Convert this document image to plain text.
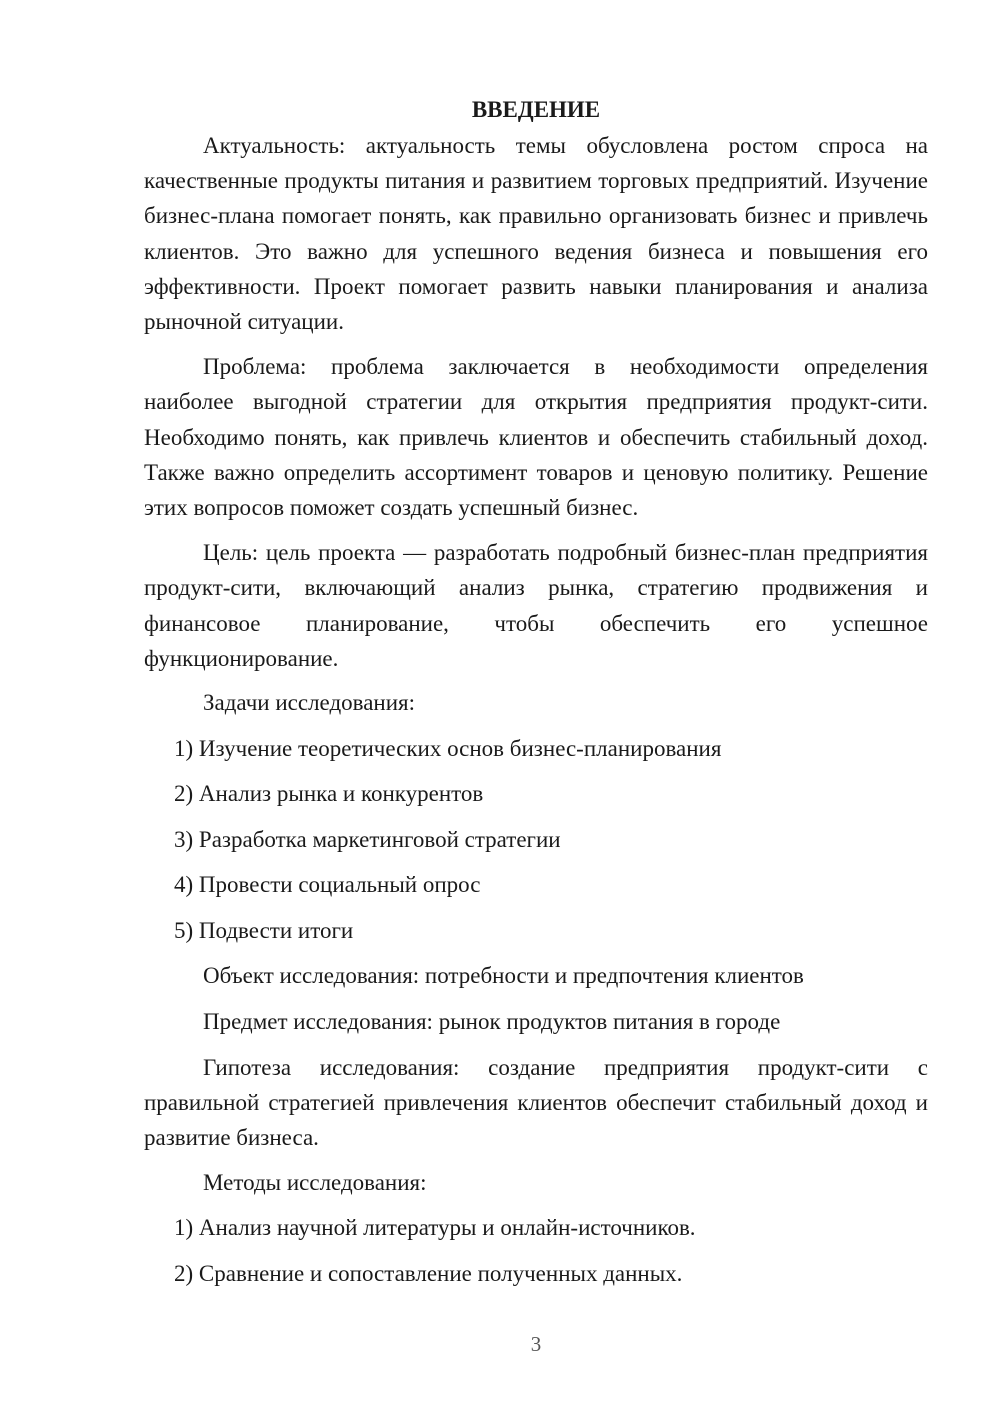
ВВЕДЕНИЕ

Актуальность: актуальность темы обусловлена ростом спроса на качественные продукты питания и развитием торговых предприятий. Изучение бизнес-плана помогает понять, как правильно организовать бизнес и привлечь клиентов. Это важно для успешного ведения бизнеса и повышения его эффективности. Проект помогает развить навыки планирования и анализа рыночной ситуации.

Проблема: проблема заключается в необходимости определения наиболее выгодной стратегии для открытия предприятия продукт-сити. Необходимо понять, как привлечь клиентов и обеспечить стабильный доход. Также важно определить ассортимент товаров и ценовую политику. Решение этих вопросов поможет создать успешный бизнес.

Цель: цель проекта — разработать подробный бизнес-план предприятия продукт-сити, включающий анализ рынка, стратегию продвижения и финансовое планирование, чтобы обеспечить его успешное функционирование.

Задачи исследования:

1) Изучение теоретических основ бизнес-планирования

2) Анализ рынка и конкурентов

3) Разработка маркетинговой стратегии

4) Провести социальный опрос

5) Подвести итоги

Объект исследования: потребности и предпочтения клиентов

Предмет исследования: рынок продуктов питания в городе

Гипотеза исследования: создание предприятия продукт-сити с правильной стратегией привлечения клиентов обеспечит стабильный доход и развитие бизнеса.

Методы исследования:

1) Анализ научной литературы и онлайн-источников.

2) Сравнение и сопоставление полученных данных.

3
